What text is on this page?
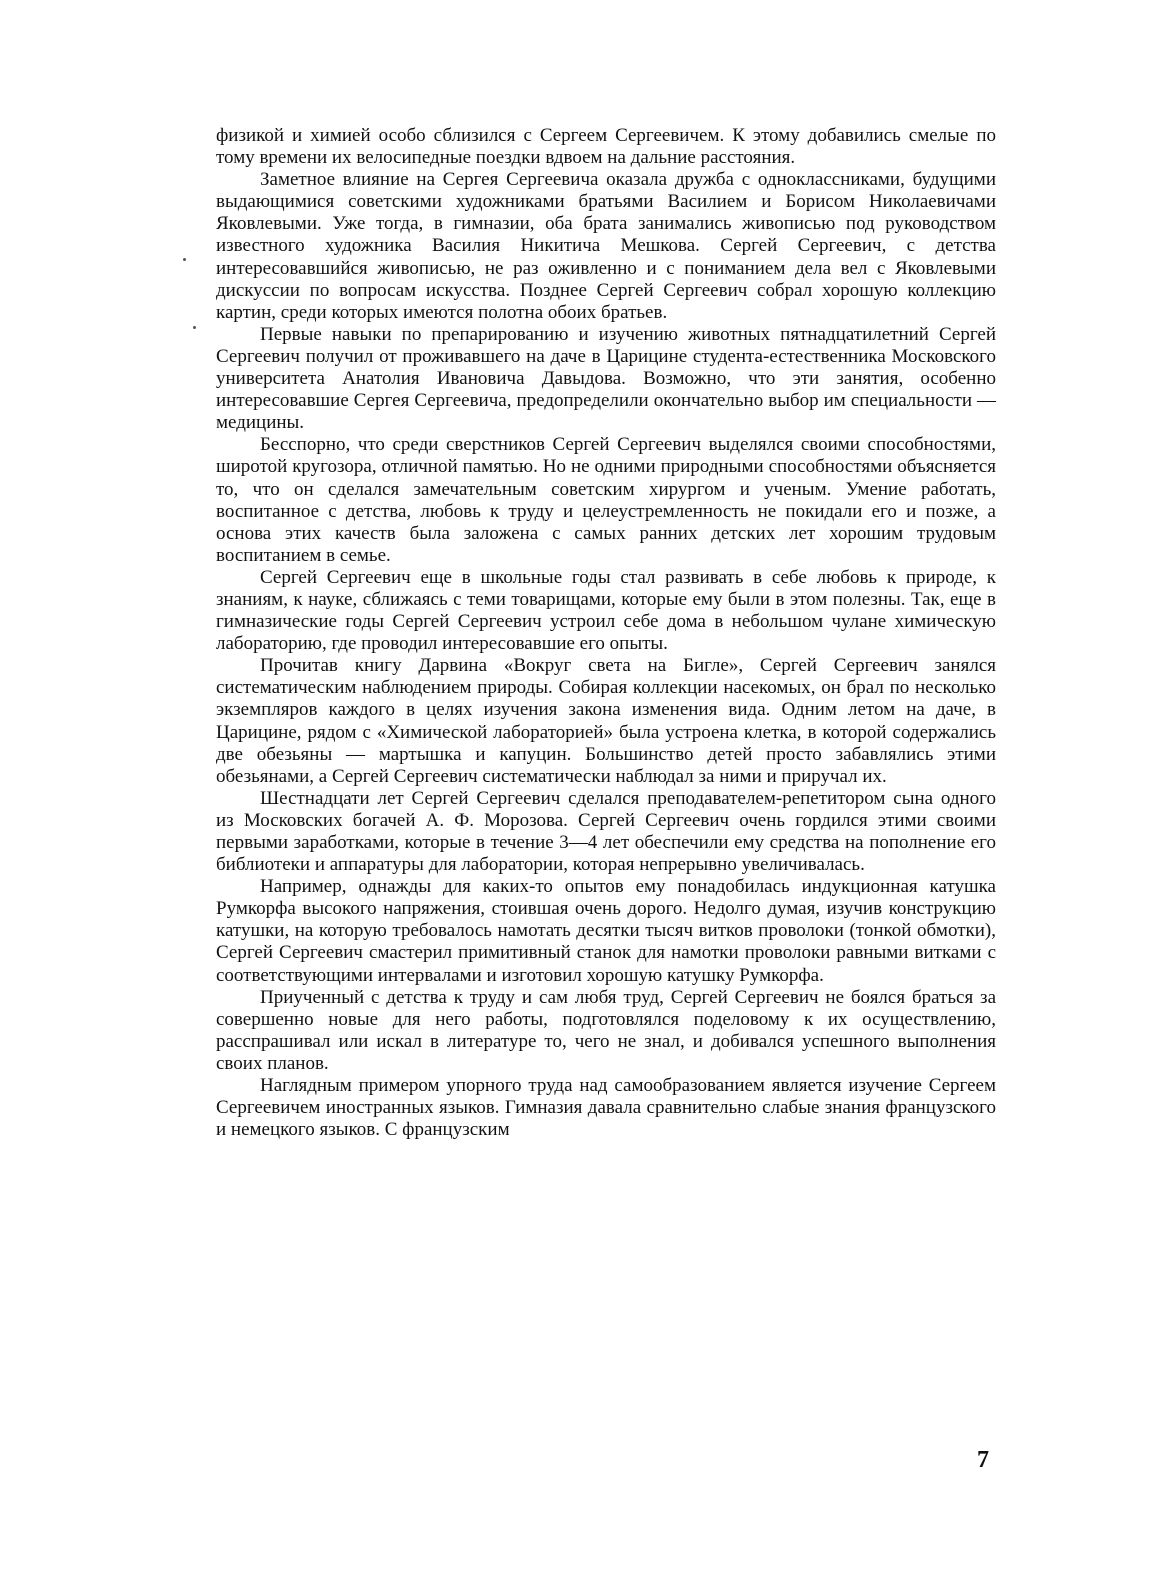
физикой и химией особо сблизился с Сергеем Сергеевичем. К этому добавились смелые по тому времени их велосипедные поездки вдвоем на дальние расстояния.

Заметное влияние на Сергея Сергеевича оказала дружба с одноклассниками, будущими выдающимися советскими художниками братьями Василием и Борисом Николаевичами Яковлевыми. Уже тогда, в гимназии, оба брата занимались живописью под руководством известного художника Василия Никитича Мешкова. Сергей Сергеевич, с детства интересовавшийся живописью, не раз оживленно и с пониманием дела вел с Яковлевыми дискуссии по вопросам искусства. Позднее Сергей Сергеевич собрал хорошую коллекцию картин, среди которых имеются полотна обоих братьев.

Первые навыки по препарированию и изучению животных пятнадцатилетний Сергей Сергеевич получил от проживавшего на даче в Царицине студента-естественника Московского университета Анатолия Ивановича Давыдова. Возможно, что эти занятия, особенно интересовавшие Сергея Сергеевича, предопределили окончательно выбор им специальности — медицины.

Бесспорно, что среди сверстников Сергей Сергеевич выделялся своими способностями, широтой кругозора, отличной памятью. Но не одними природными способностями объясняется то, что он сделался замечательным советским хирургом и ученым. Умение работать, воспитанное с детства, любовь к труду и целеустремленность не покидали его и позже, а основа этих качеств была заложена с самых ранних детских лет хорошим трудовым воспитанием в семье.

Сергей Сергеевич еще в школьные годы стал развивать в себе любовь к природе, к знаниям, к науке, сближаясь с теми товарищами, которые ему были в этом полезны. Так, еще в гимназические годы Сергей Сергеевич устроил себе дома в небольшом чулане химическую лабораторию, где проводил интересовавшие его опыты.

Прочитав книгу Дарвина «Вокруг света на Бигле», Сергей Сергеевич занялся систематическим наблюдением природы. Собирая коллекции насекомых, он брал по несколько экземпляров каждого в целях изучения закона изменения вида. Одним летом на даче, в Царицине, рядом с «Химической лабораторией» была устроена клетка, в которой содержались две обезьяны — мартышка и капуцин. Большинство детей просто забавлялись этими обезьянами, а Сергей Сергеевич систематически наблюдал за ними и приручал их.

Шестнадцати лет Сергей Сергеевич сделался преподавателем-репетитором сына одного из Московских богачей А. Ф. Морозова. Сергей Сергеевич очень гордился этими своими первыми заработками, которые в течение 3—4 лет обеспечили ему средства на пополнение его библиотеки и аппаратуры для лаборатории, которая непрерывно увеличивалась.

Например, однажды для каких-то опытов ему понадобилась индукционная катушка Румкорфа высокого напряжения, стоившая очень дорого. Недолго думая, изучив конструкцию катушки, на которую требовалось намотать десятки тысяч витков проволоки (тонкой обмотки), Сергей Сергеевич смастерил примитивный станок для намотки проволоки равными витками с соответствующими интервалами и изготовил хорошую катушку Румкорфа.

Приученный с детства к труду и сам любя труд, Сергей Сергеевич не боялся браться за совершенно новые для него работы, подготовлялся поделовому к их осуществлению, расспрашивал или искал в литературе то, чего не знал, и добивался успешного выполнения своих планов.

Наглядным примером упорного труда над самообразованием является изучение Сергеем Сергеевичем иностранных языков. Гимназия давала сравнительно слабые знания французского и немецкого языков. С французским

7
